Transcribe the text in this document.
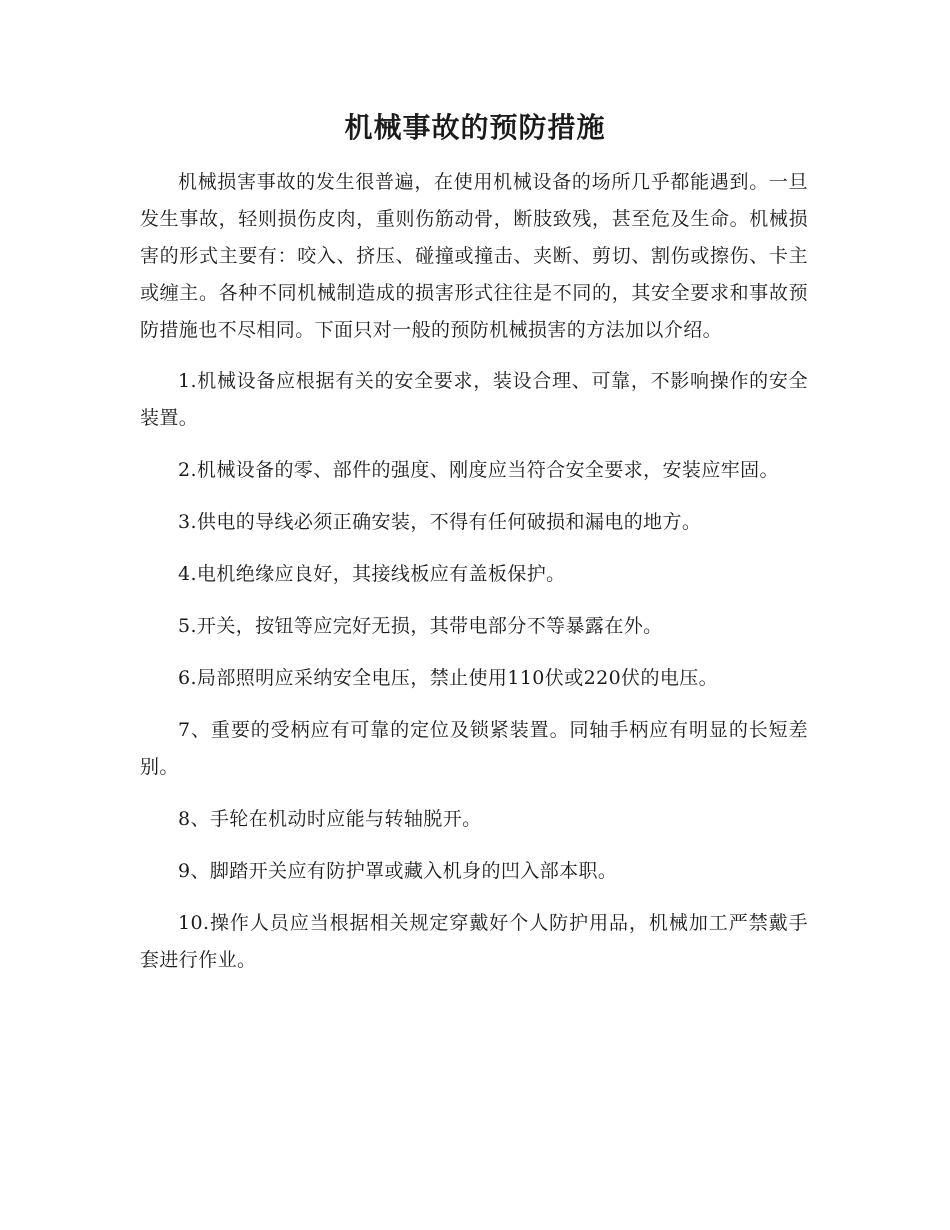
机械事故的预防措施

机械损害事故的发生很普遍，在使用机械设备的场所几乎都能遇到。一旦发生事故，轻则损伤皮肉，重则伤筋动骨，断肢致残，甚至危及生命。机械损害的形式主要有：咬入、挤压、碰撞或撞击、夹断、剪切、割伤或擦伤、卡主或缠主。各种不同机械制造成的损害形式往往是不同的，其安全要求和事故预防措施也不尽相同。下面只对一般的预防机械损害的方法加以介绍。

1.机械设备应根据有关的安全要求，装设合理、可靠，不影响操作的安全装置。

2.机械设备的零、部件的强度、刚度应当符合安全要求，安装应牢固。

3.供电的导线必须正确安装，不得有任何破损和漏电的地方。

4.电机绝缘应良好，其接线板应有盖板保护。

5.开关，按钮等应完好无损，其带电部分不等暴露在外。

6.局部照明应采纳安全电压，禁止使用110伏或220伏的电压。

7、重要的受柄应有可靠的定位及锁紧装置。同轴手柄应有明显的长短差别。

8、手轮在机动时应能与转轴脱开。

9、脚踏开关应有防护罩或藏入机身的凹入部本职。

10.操作人员应当根据相关规定穿戴好个人防护用品，机械加工严禁戴手套进行作业。
